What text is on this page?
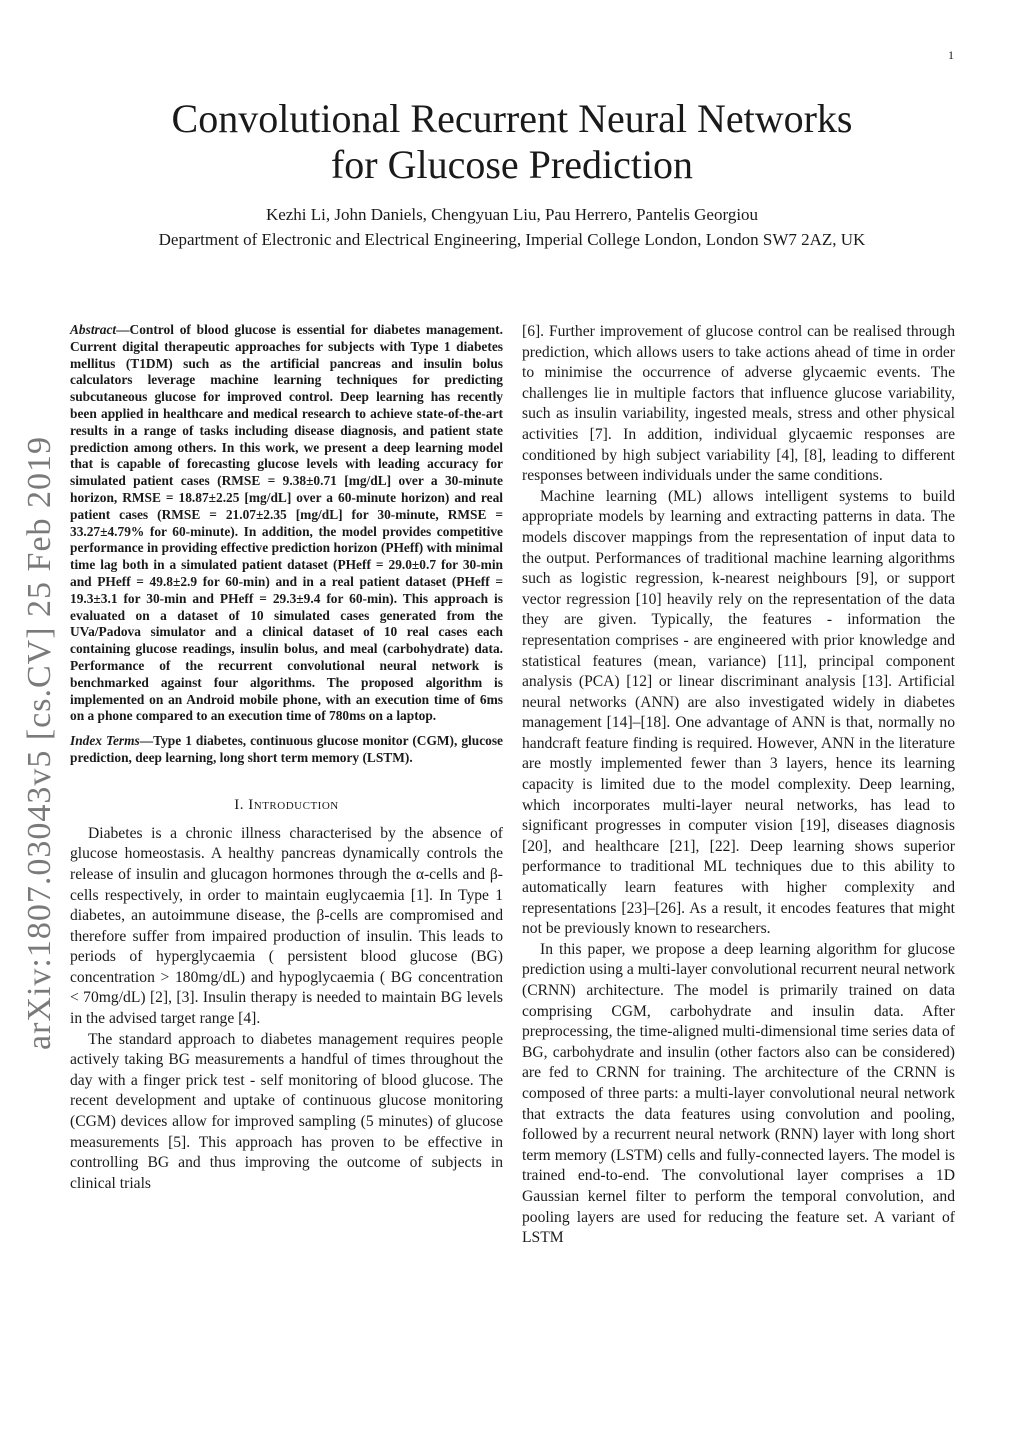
1
arXiv:1807.03043v5 [cs.CV] 25 Feb 2019
Convolutional Recurrent Neural Networks
for Glucose Prediction
Kezhi Li, John Daniels, Chengyuan Liu, Pau Herrero, Pantelis Georgiou
Department of Electronic and Electrical Engineering, Imperial College London, London SW7 2AZ, UK

Abstract—Control of blood glucose is essential for diabetes management. Current digital therapeutic approaches for subjects with Type 1 diabetes mellitus (T1DM) such as the artificial pancreas and insulin bolus calculators leverage machine learning techniques for predicting subcutaneous glucose for improved control. Deep learning has recently been applied in healthcare and medical research to achieve state-of-the-art results in a range of tasks including disease diagnosis, and patient state prediction among others. In this work, we present a deep learning model that is capable of forecasting glucose levels with leading accuracy for simulated patient cases (RMSE = 9.38±0.71 [mg/dL] over a 30-minute horizon, RMSE = 18.87±2.25 [mg/dL] over a 60-minute horizon) and real patient cases (RMSE = 21.07±2.35 [mg/dL] for 30-minute, RMSE = 33.27±4.79% for 60-minute). In addition, the model provides competitive performance in providing effective prediction horizon (PHeff) with minimal time lag both in a simulated patient dataset (PHeff = 29.0±0.7 for 30-min and PHeff = 49.8±2.9 for 60-min) and in a real patient dataset (PHeff = 19.3±3.1 for 30-min and PHeff = 29.3±9.4 for 60-min). This approach is evaluated on a dataset of 10 simulated cases generated from the UVa/Padova simulator and a clinical dataset of 10 real cases each containing glucose readings, insulin bolus, and meal (carbohydrate) data. Performance of the recurrent convolutional neural network is benchmarked against four algorithms. The proposed algorithm is implemented on an Android mobile phone, with an execution time of 6ms on a phone compared to an execution time of 780ms on a laptop.

Index Terms—Type 1 diabetes, continuous glucose monitor (CGM), glucose prediction, deep learning, long short term memory (LSTM).

I. Introduction

Diabetes is a chronic illness characterised by the absence of glucose homeostasis. A healthy pancreas dynamically controls the release of insulin and glucagon hormones through the α-cells and β-cells respectively, in order to maintain euglycaemia [1]. In Type 1 diabetes, an autoimmune disease, the β-cells are compromised and therefore suffer from impaired production of insulin. This leads to periods of hyperglycaemia ( persistent blood glucose (BG) concentration > 180mg/dL) and hypoglycaemia ( BG concentration < 70mg/dL) [2], [3]. Insulin therapy is needed to maintain BG levels in the advised target range [4].

The standard approach to diabetes management requires people actively taking BG measurements a handful of times throughout the day with a finger prick test - self monitoring of blood glucose. The recent development and uptake of continuous glucose monitoring (CGM) devices allow for improved sampling (5 minutes) of glucose measurements [5]. This approach has proven to be effective in controlling BG and thus improving the outcome of subjects in clinical trials

[6]. Further improvement of glucose control can be realised through prediction, which allows users to take actions ahead of time in order to minimise the occurrence of adverse glycaemic events. The challenges lie in multiple factors that influence glucose variability, such as insulin variability, ingested meals, stress and other physical activities [7]. In addition, individual glycaemic responses are conditioned by high subject variability [4], [8], leading to different responses between individuals under the same conditions.

Machine learning (ML) allows intelligent systems to build appropriate models by learning and extracting patterns in data. The models discover mappings from the representation of input data to the output. Performances of traditional machine learning algorithms such as logistic regression, k-nearest neighbours [9], or support vector regression [10] heavily rely on the representation of the data they are given. Typically, the features - information the representation comprises - are engineered with prior knowledge and statistical features (mean, variance) [11], principal component analysis (PCA) [12] or linear discriminant analysis [13]. Artificial neural networks (ANN) are also investigated widely in diabetes management [14]–[18]. One advantage of ANN is that, normally no handcraft feature finding is required. However, ANN in the literature are mostly implemented fewer than 3 layers, hence its learning capacity is limited due to the model complexity. Deep learning, which incorporates multi-layer neural networks, has lead to significant progresses in computer vision [19], diseases diagnosis [20], and healthcare [21], [22]. Deep learning shows superior performance to traditional ML techniques due to this ability to automatically learn features with higher complexity and representations [23]–[26]. As a result, it encodes features that might not be previously known to researchers.

In this paper, we propose a deep learning algorithm for glucose prediction using a multi-layer convolutional recurrent neural network (CRNN) architecture. The model is primarily trained on data comprising CGM, carbohydrate and insulin data. After preprocessing, the time-aligned multi-dimensional time series data of BG, carbohydrate and insulin (other factors also can be considered) are fed to CRNN for training. The architecture of the CRNN is composed of three parts: a multi-layer convolutional neural network that extracts the data features using convolution and pooling, followed by a recurrent neural network (RNN) layer with long short term memory (LSTM) cells and fully-connected layers. The model is trained end-to-end. The convolutional layer comprises a 1D Gaussian kernel filter to perform the temporal convolution, and pooling layers are used for reducing the feature set. A variant of LSTM
